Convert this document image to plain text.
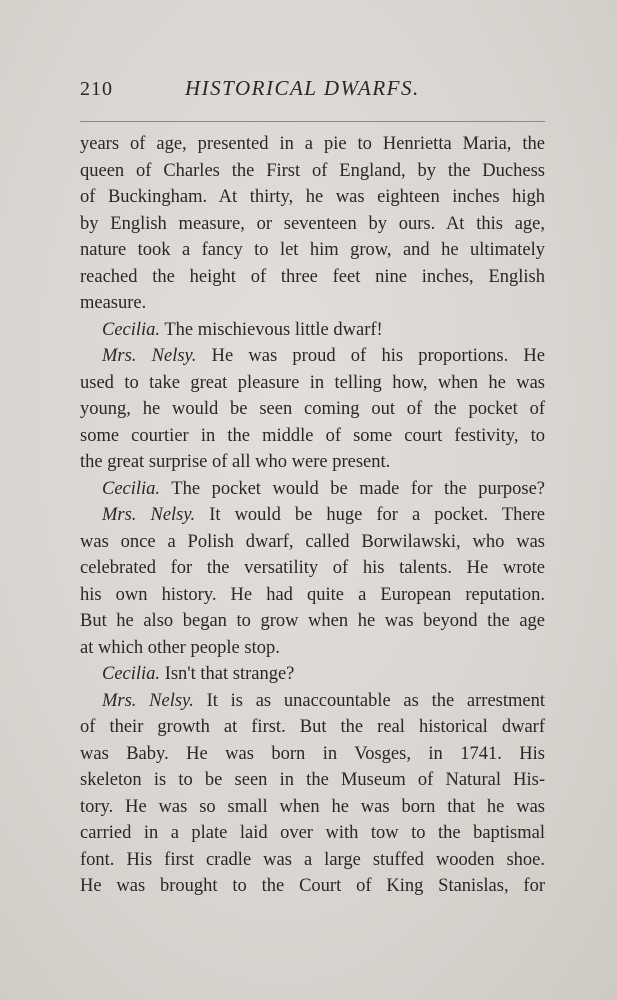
210	HISTORICAL DWARFS.
years of age, presented in a pie to Henrietta Maria, the
queen of Charles the First of England, by the Duchess
of Buckingham. At thirty, he was eighteen inches high
by English measure, or seventeen by ours. At this age,
nature took a fancy to let him grow, and he ultimately
reached the height of three feet nine inches, English
measure.
Cecilia. The mischievous little dwarf!
Mrs. Nelsy. He was proud of his proportions. He
used to take great pleasure in telling how, when he was
young, he would be seen coming out of the pocket of
some courtier in the middle of some court festivity, to
the great surprise of all who were present.
Cecilia. The pocket would be made for the purpose?
Mrs. Nelsy. It would be huge for a pocket. There
was once a Polish dwarf, called Borwilawski, who was
celebrated for the versatility of his talents. He wrote
his own history. He had quite a European reputation.
But he also began to grow when he was beyond the age
at which other people stop.
Cecilia. Isn't that strange?
Mrs. Nelsy. It is as unaccountable as the arrestment
of their growth at first. But the real historical dwarf
was Baby. He was born in Vosges, in 1741. His
skeleton is to be seen in the Museum of Natural His-
tory. He was so small when he was born that he was
carried in a plate laid over with tow to the baptismal
font. His first cradle was a large stuffed wooden shoe.
He was brought to the Court of King Stanislas, for
